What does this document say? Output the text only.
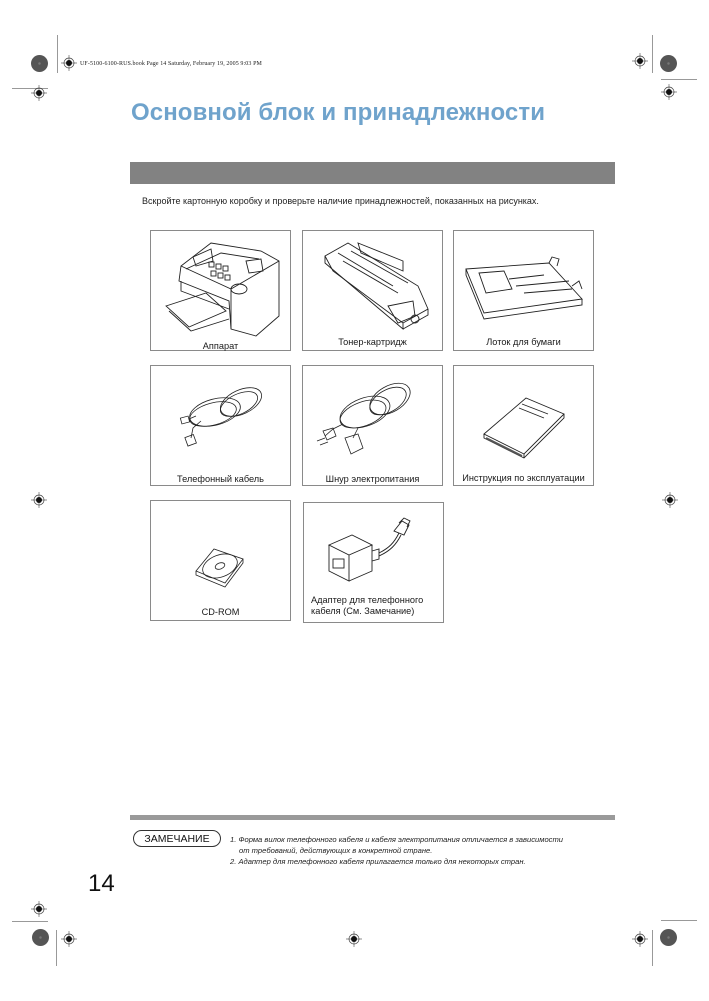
UF-5100-6100-RUS.book Page 14 Saturday, February 19, 2005 9:03 PM
Основной блок и принадлежности
Вскройте картонную коробку и проверьте наличие принадлежностей, показанных на рисунках.
Аппарат	Тонер-картридж	Лоток для бумаги
Телефонный кабель	Шнур электропитания	Инструкция по эксплуатации
CD-ROM
Адаптер для телефонного
кабеля (См. Замечание)
ЗАМЕЧАНИЕ	1. Форма вилок телефонного кабеля и кабеля электропитания отличается в зависимости
от требований, действующих в конкретной стране.
2. Адаптер для телефонного кабеля прилагается только для некоторых стран.
14
